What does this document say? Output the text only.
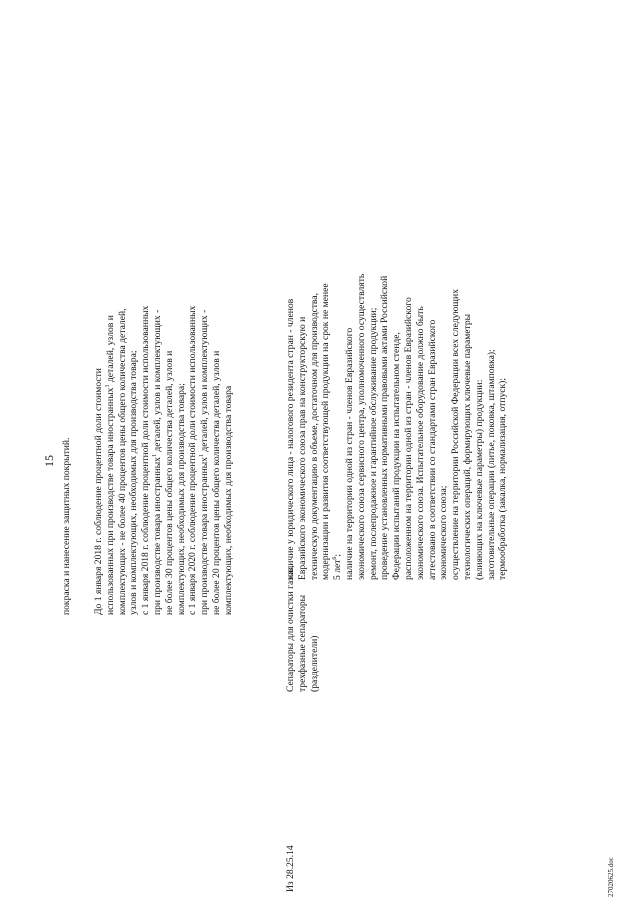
15 покраска и нанесение защитных покрытий. До 1 января 2018 г. соблюдение процентной доли стоимости использованных при производстве товара иностранных$^1$ деталей, узлов и комплектующих - не более 40 процентов цены общего количества деталей, узлов и комплектующих, необходимых для производства товара; с 1 января 2018 г. соблюдение процентной доли стоимости использованных при производстве товара иностранных$^1$ деталей, узлов и комплектующих - не более 30 процентов цены общего количества деталей, узлов и комплектующих, необходимых для производства товара; с 1 января 2020 г. соблюдение процентной доли стоимости использованных при производстве товара иностранных$^1$ деталей, узлов и комплектующих - не более 20 процентов цены общего количества деталей, узлов и комплектующих, необходимых для производства товара
Из 28.25.14
Сепараторы для очистки газов, трехфазные сепараторы (разделители)
наличие у юридического лица - налогового резидента стран - членов Евразийского экономического союза прав на конструкторскую и техническую документацию в объеме, достаточном для производства, модернизации и развития соответствующей продукции на срок не менее 5 лет$^6$; наличие на территории одной из стран - членов Евразийского экономического союза сервисного центра, уполномоченного осуществлять ремонт, послепродажное и гарантийное обслуживание продукции; проведение установленных нормативными правовыми актами Российской Федерации испытаний продукции на испытательном стенде, расположенном на территории одной из стран - членов Евразийского экономического союза. Испытательное оборудование должно быть аттестовано в соответствии со стандартами стран Евразийского экономического союза; осуществление на территории Российской Федерации всех следующих технологических операций, формирующих ключевые параметры (влияющих на ключевые параметры) продукции: заготовительные операции (литье, поковка, штамповка); термообработка (закалка, нормализация, отпуск);
27020625.doc
